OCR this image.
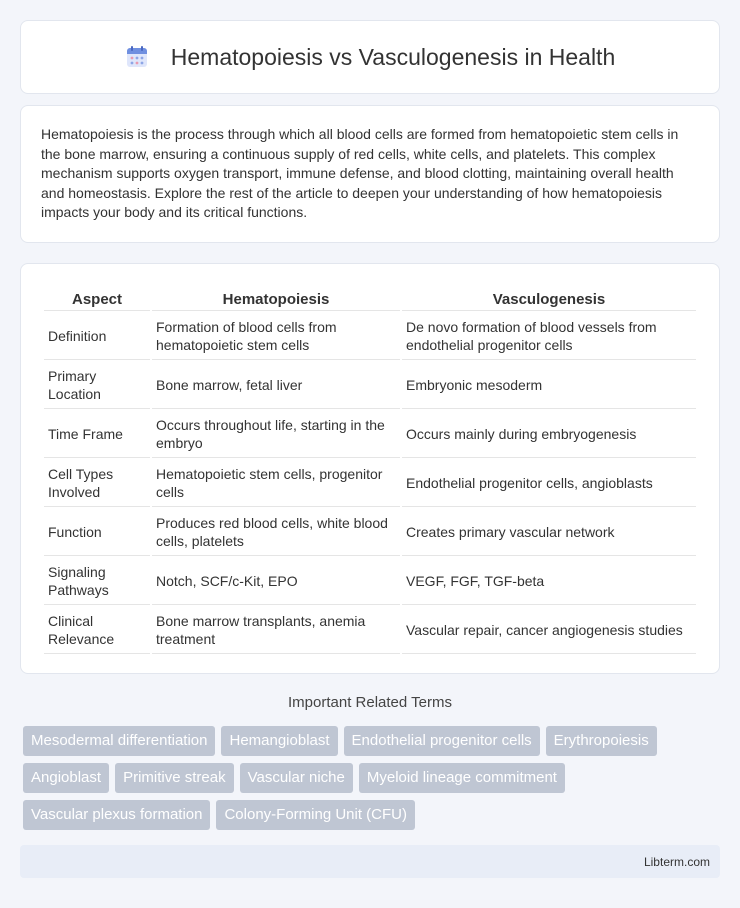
Hematopoiesis vs Vasculogenesis in Health

Hematopoiesis is the process through which all blood cells are formed from hematopoietic stem cells in the bone marrow, ensuring a continuous supply of red cells, white cells, and platelets. This complex mechanism supports oxygen transport, immune defense, and blood clotting, maintaining overall health and homeostasis. Explore the rest of the article to deepen your understanding of how hematopoiesis impacts your body and its critical functions.

Aspect	Hematopoiesis	Vasculogenesis
Definition	Formation of blood cells from hematopoietic stem cells	De novo formation of blood vessels from endothelial progenitor cells
Primary Location	Bone marrow, fetal liver	Embryonic mesoderm
Time Frame	Occurs throughout life, starting in the embryo	Occurs mainly during embryogenesis
Cell Types Involved	Hematopoietic stem cells, progenitor cells	Endothelial progenitor cells, angioblasts
Function	Produces red blood cells, white blood cells, platelets	Creates primary vascular network
Signaling Pathways	Notch, SCF/c-Kit, EPO	VEGF, FGF, TGF-beta
Clinical Relevance	Bone marrow transplants, anemia treatment	Vascular repair, cancer angiogenesis studies
Important Related Terms
Mesodermal differentiation	Hemangioblast	Endothelial progenitor cells	Erythropoiesis
Angioblast	Primitive streak	Vascular niche	Myeloid lineage commitment
Vascular plexus formation	Colony-Forming Unit (CFU)
Libterm.com
